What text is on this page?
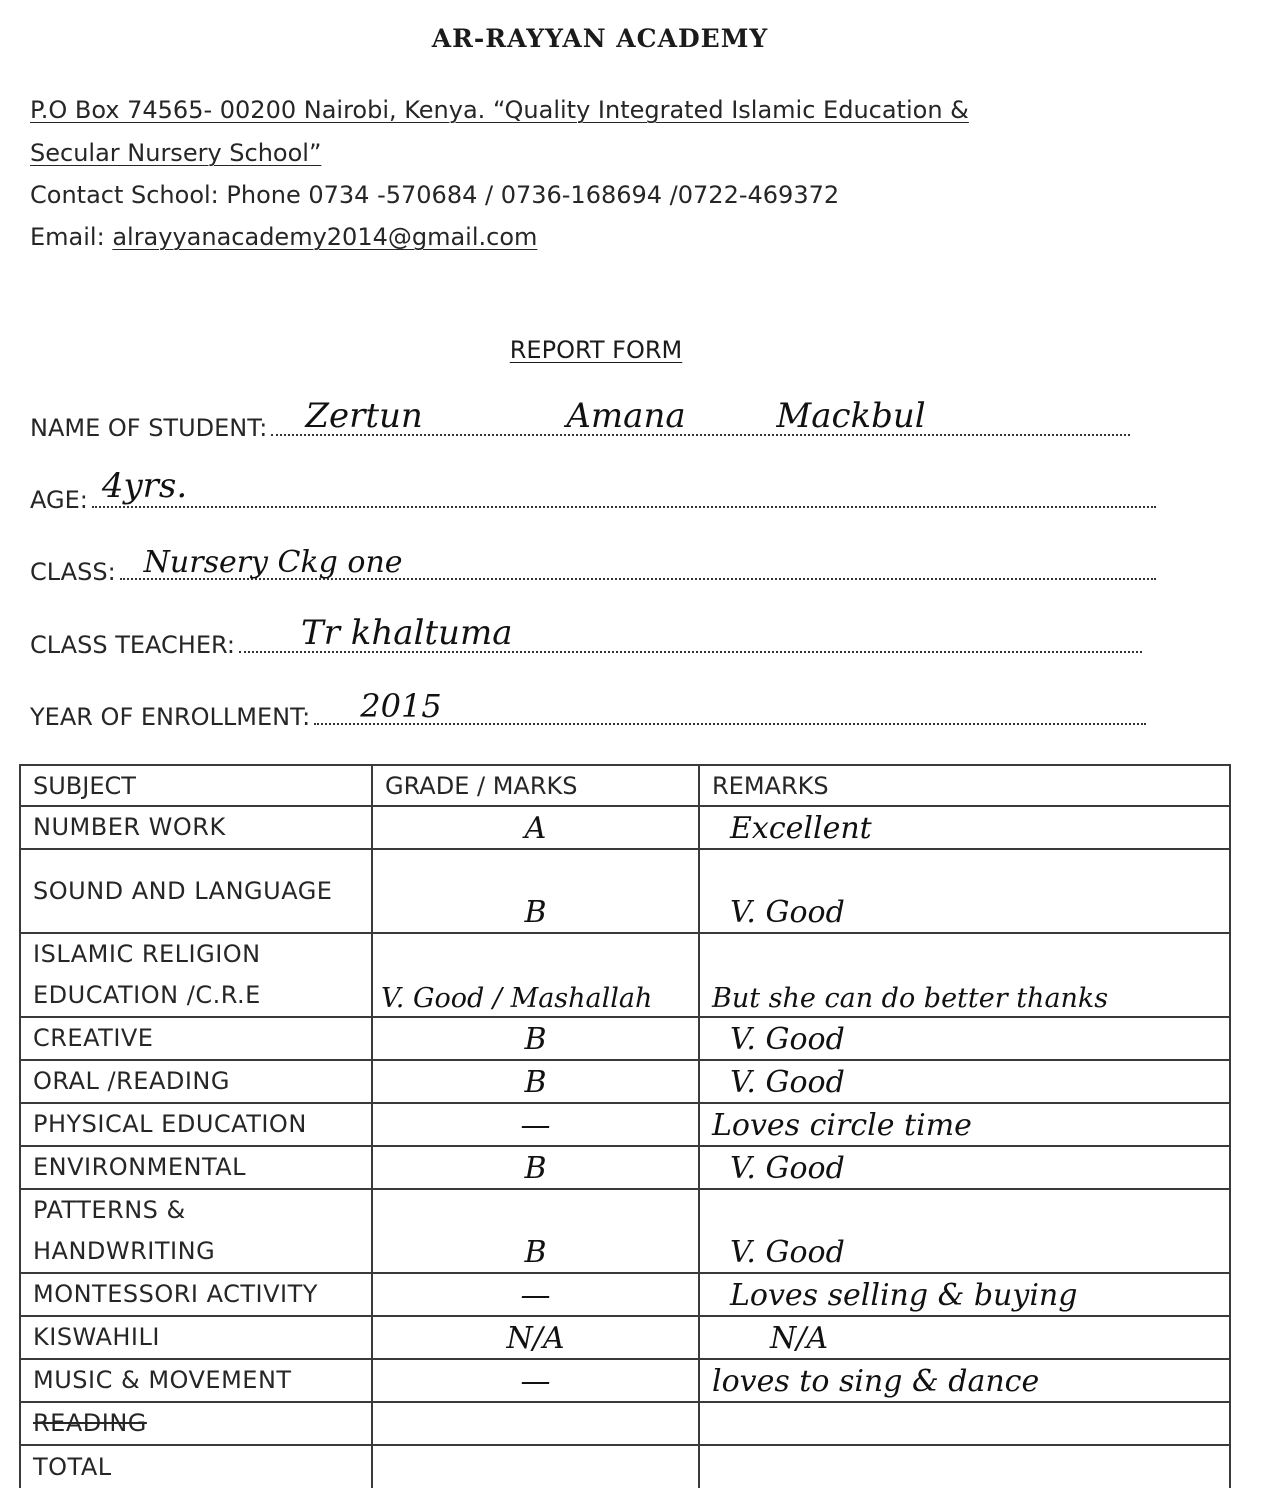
AR-RAYYAN ACADEMY
P.O Box 74565- 00200 Nairobi, Kenya. “Quality Integrated Islamic Education &
Secular Nursery School”
Contact School: Phone 0734 -570684 / 0736-168694 /0722-469372
Email: alrayyanacademy2014@gmail.com
REPORT FORM
NAME OF STUDENT: Zertun	Amana	Mackbul
AGE: 4yrs.
CLASS: Nursery Ckg one
CLASS TEACHER: Tr khaltuma
YEAR OF ENROLLMENT: 2015
SUBJECT	GRADE / MARKS	REMARKS
NUMBER WORK	A	Excellent
SOUND AND LANGUAGE	B	V. Good
ISLAMIC RELIGION EDUCATION /C.R.E	V. Good / Mashallah	But she can do better thanks
CREATIVE	B	V. Good
ORAL /READING	B	V. Good
PHYSICAL EDUCATION	—	Loves circle time
ENVIRONMENTAL	B	V. Good
PATTERNS & HANDWRITING	B	V. Good
MONTESSORI ACTIVITY	—	Loves selling & buying
KISWAHILI	N/A	N/A
MUSIC & MOVEMENT	—	loves to sing & dance
READING		
TOTAL		
